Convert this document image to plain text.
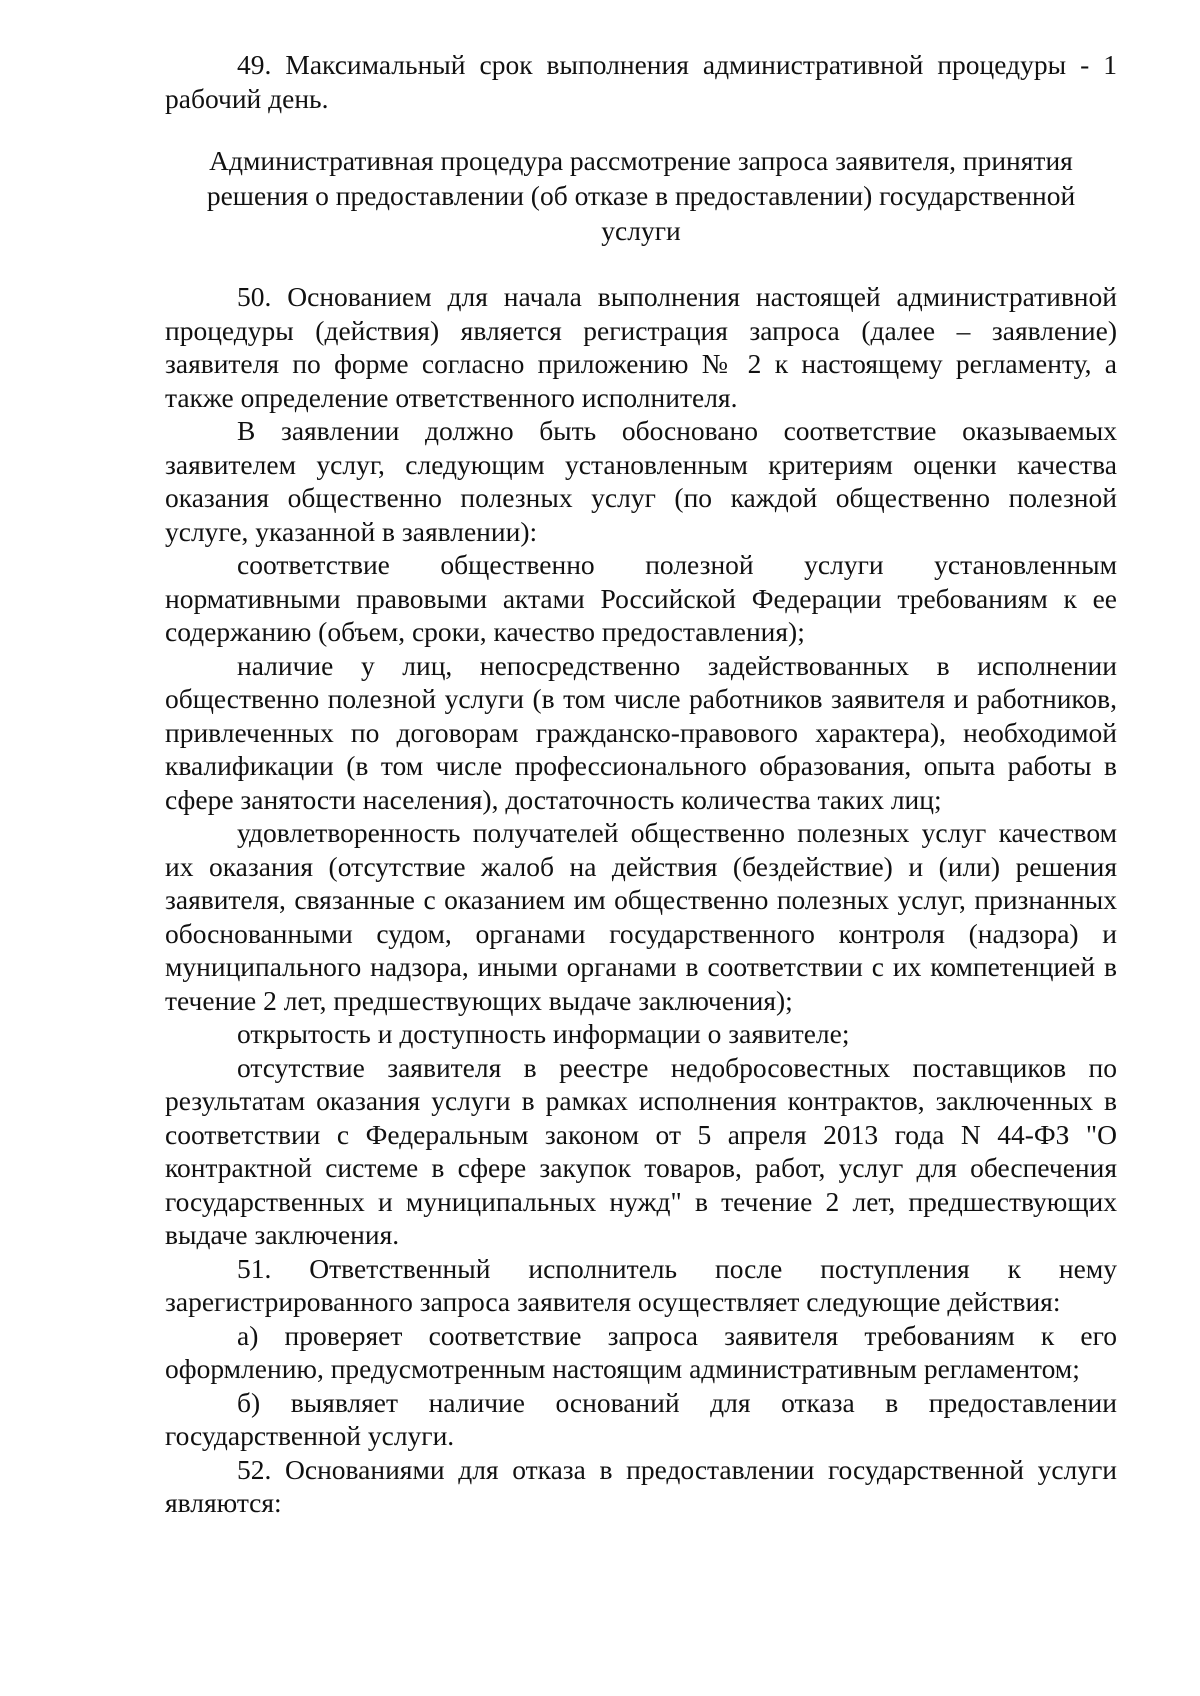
49. Максимальный срок выполнения административной процедуры - 1 рабочий день.

Административная процедура рассмотрение запроса заявителя, принятия
решения о предоставлении (об отказе в предоставлении) государственной
услуги

50. Основанием для начала выполнения настоящей административной процедуры (действия) является регистрация запроса (далее – заявление) заявителя по форме согласно приложению № 2 к настоящему регламенту, а также определение ответственного исполнителя.

В заявлении должно быть обосновано соответствие оказываемых заявителем услуг, следующим установленным критериям оценки качества оказания общественно полезных услуг (по каждой общественно полезной услуге, указанной в заявлении):

соответствие общественно полезной услуги установленным нормативными правовыми актами Российской Федерации требованиям к ее содержанию (объем, сроки, качество предоставления);

наличие у лиц, непосредственно задействованных в исполнении общественно полезной услуги (в том числе работников заявителя и работников, привлеченных по договорам гражданско-правового характера), необходимой квалификации (в том числе профессионального образования, опыта работы в сфере занятости населения), достаточность количества таких лиц;

удовлетворенность получателей общественно полезных услуг качеством их оказания (отсутствие жалоб на действия (бездействие) и (или) решения заявителя, связанные с оказанием им общественно полезных услуг, признанных обоснованными судом, органами государственного контроля (надзора) и муниципального надзора, иными органами в соответствии с их компетенцией в течение 2 лет, предшествующих выдаче заключения);

открытость и доступность информации о заявителе;

отсутствие заявителя в реестре недобросовестных поставщиков по результатам оказания услуги в рамках исполнения контрактов, заключенных в соответствии с Федеральным законом от 5 апреля 2013 года N 44-ФЗ "О контрактной системе в сфере закупок товаров, работ, услуг для обеспечения государственных и муниципальных нужд" в течение 2 лет, предшествующих выдаче заключения.

51. Ответственный исполнитель после поступления к нему зарегистрированного запроса заявителя осуществляет следующие действия:

а) проверяет соответствие запроса заявителя требованиям к его оформлению, предусмотренным настоящим административным регламентом;

б) выявляет наличие оснований для отказа в предоставлении государственной услуги.

52. Основаниями для отказа в предоставлении государственной услуги являются:
